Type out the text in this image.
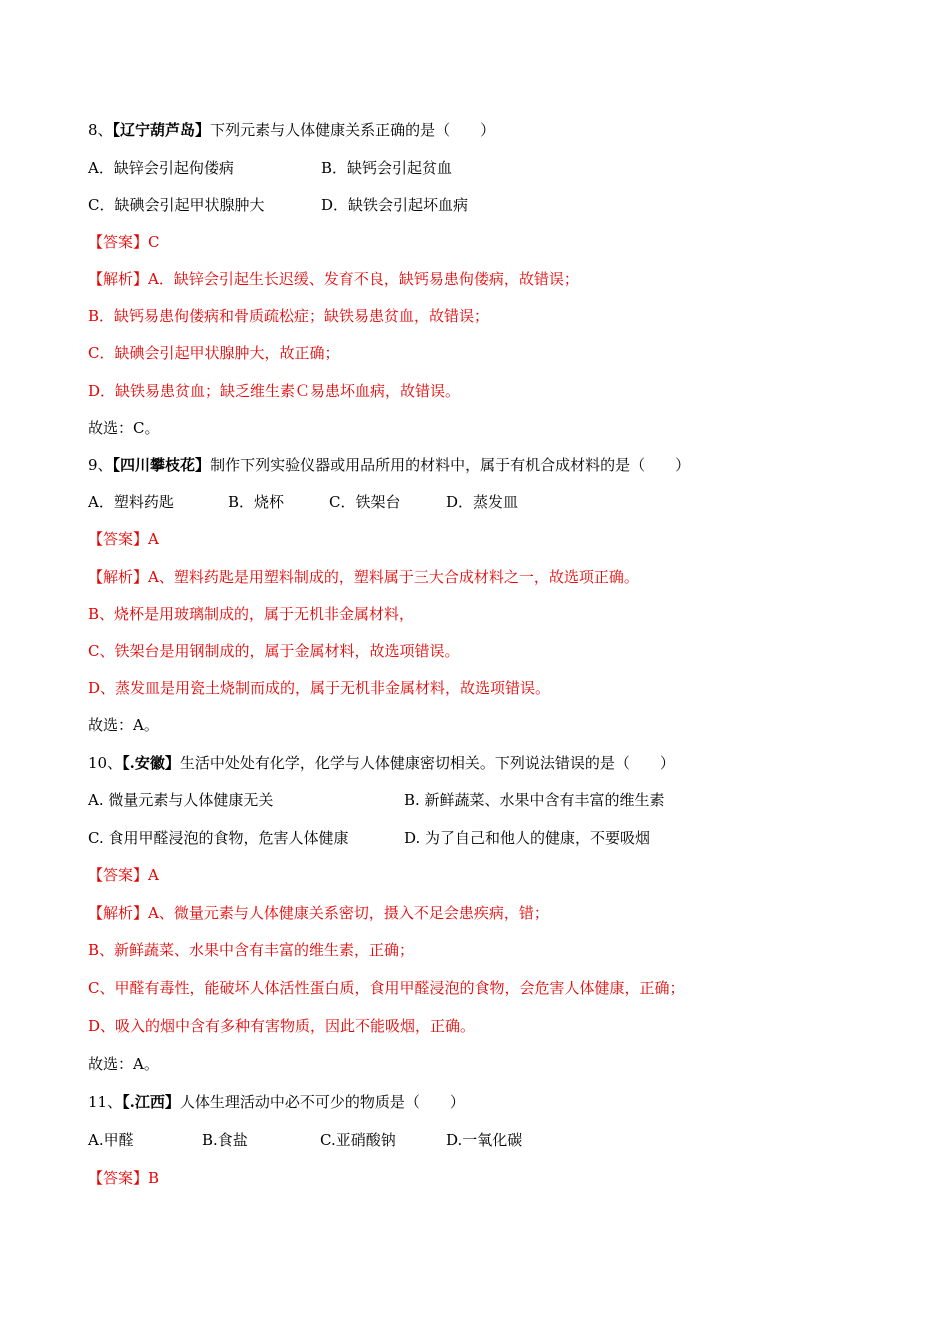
8、【辽宁葫芦岛】下列元素与人体健康关系正确的是（　　）
A．缺锌会引起佝偻病	B．缺钙会引起贫血
C．缺碘会引起甲状腺肿大	D．缺铁会引起坏血病
【答案】C
【解析】A．缺锌会引起生长迟缓、发育不良，缺钙易患佝偻病，故错误；
B．缺钙易患佝偻病和骨质疏松症；缺铁易患贫血，故错误；
C．缺碘会引起甲状腺肿大，故正确；
D．缺铁易患贫血；缺乏维生素Ｃ易患坏血病，故错误。
故选：C。
9、【四川攀枝花】制作下列实验仪器或用品所用的材料中，属于有机合成材料的是（　　）
A．塑料药匙	B．烧杯	C．铁架台	D．蒸发皿
【答案】A
【解析】A、塑料药匙是用塑料制成的，塑料属于三大合成材料之一，故选项正确。
B、烧杯是用玻璃制成的，属于无机非金属材料，
C、铁架台是用钢制成的，属于金属材料，故选项错误。
D、蒸发皿是用瓷土烧制而成的，属于无机非金属材料，故选项错误。
故选：A。
10、【.安徽】生活中处处有化学，化学与人体健康密切相关。下列说法错误的是（　　）
A. 微量元素与人体健康无关	B. 新鲜蔬菜、水果中含有丰富的维生素
C. 食用甲醛浸泡的食物，危害人体健康	D. 为了自己和他人的健康，不要吸烟
【答案】A
【解析】A、微量元素与人体健康关系密切，摄入不足会患疾病，错；
B、新鲜蔬菜、水果中含有丰富的维生素，正确；
C、甲醛有毒性，能破坏人体活性蛋白质，食用甲醛浸泡的食物，会危害人体健康，正确；
D、吸入的烟中含有多种有害物质，因此不能吸烟，正确。
故选：A。
11、【.江西】人体生理活动中必不可少的物质是（　　）
A.甲醛	B.食盐	C.亚硝酸钠	D.一氧化碳
【答案】B
